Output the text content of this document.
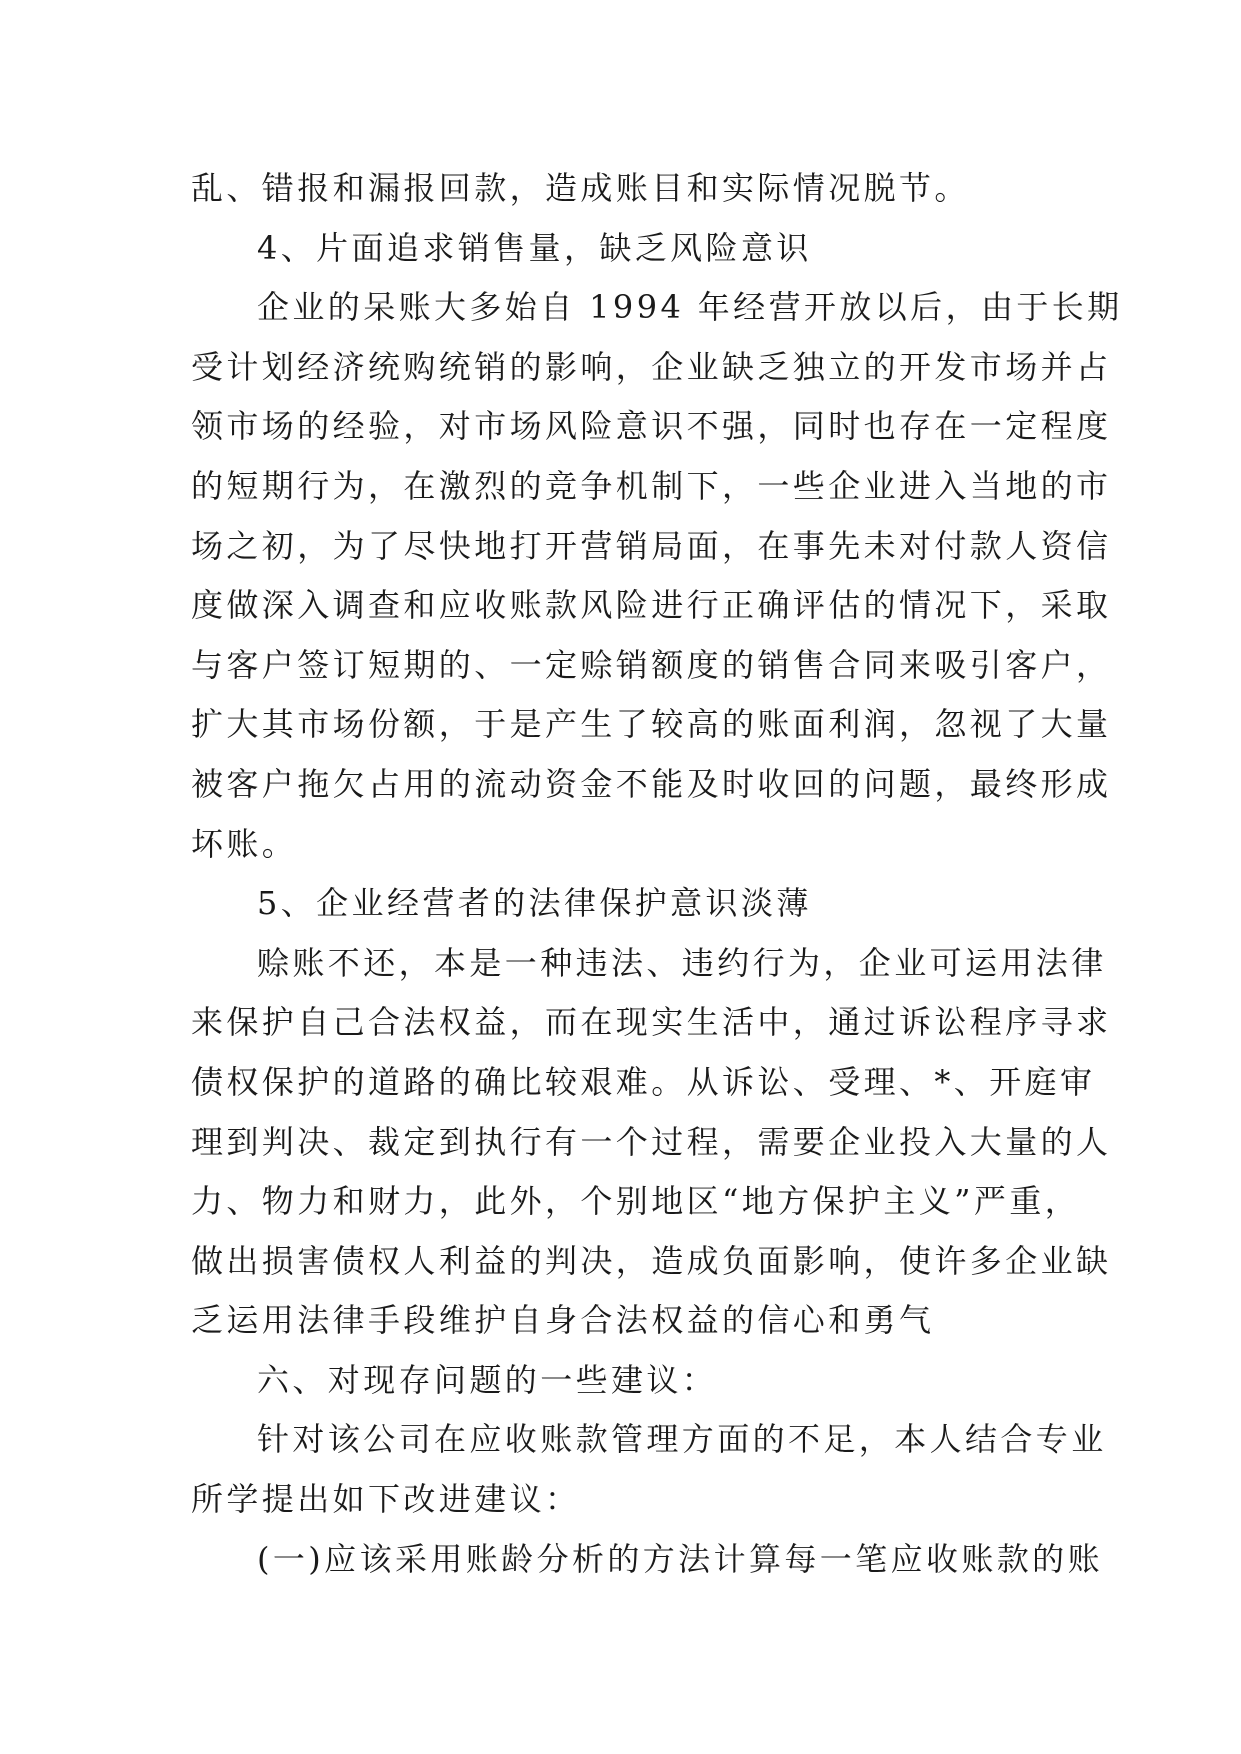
乱、错报和漏报回款，造成账目和实际情况脱节。
4、片面追求销售量，缺乏风险意识
企业的呆账大多始自 1994 年经营开放以后，由于长期
受计划经济统购统销的影响，企业缺乏独立的开发市场并占
领市场的经验，对市场风险意识不强，同时也存在一定程度
的短期行为，在激烈的竞争机制下，一些企业进入当地的市
场之初，为了尽快地打开营销局面，在事先未对付款人资信
度做深入调查和应收账款风险进行正确评估的情况下，采取
与客户签订短期的、一定赊销额度的销售合同来吸引客户，
扩大其市场份额，于是产生了较高的账面利润，忽视了大量
被客户拖欠占用的流动资金不能及时收回的问题，最终形成
坏账。
5、企业经营者的法律保护意识淡薄
赊账不还，本是一种违法、违约行为，企业可运用法律
来保护自己合法权益，而在现实生活中，通过诉讼程序寻求
债权保护的道路的确比较艰难。从诉讼、受理、*、开庭审
理到判决、裁定到执行有一个过程，需要企业投入大量的人
力、物力和财力，此外，个别地区“地方保护主义”严重，
做出损害债权人利益的判决，造成负面影响，使许多企业缺
乏运用法律手段维护自身合法权益的信心和勇气
六、对现存问题的一些建议：
针对该公司在应收账款管理方面的不足，本人结合专业
所学提出如下改进建议：
(一)应该采用账龄分析的方法计算每一笔应收账款的账
